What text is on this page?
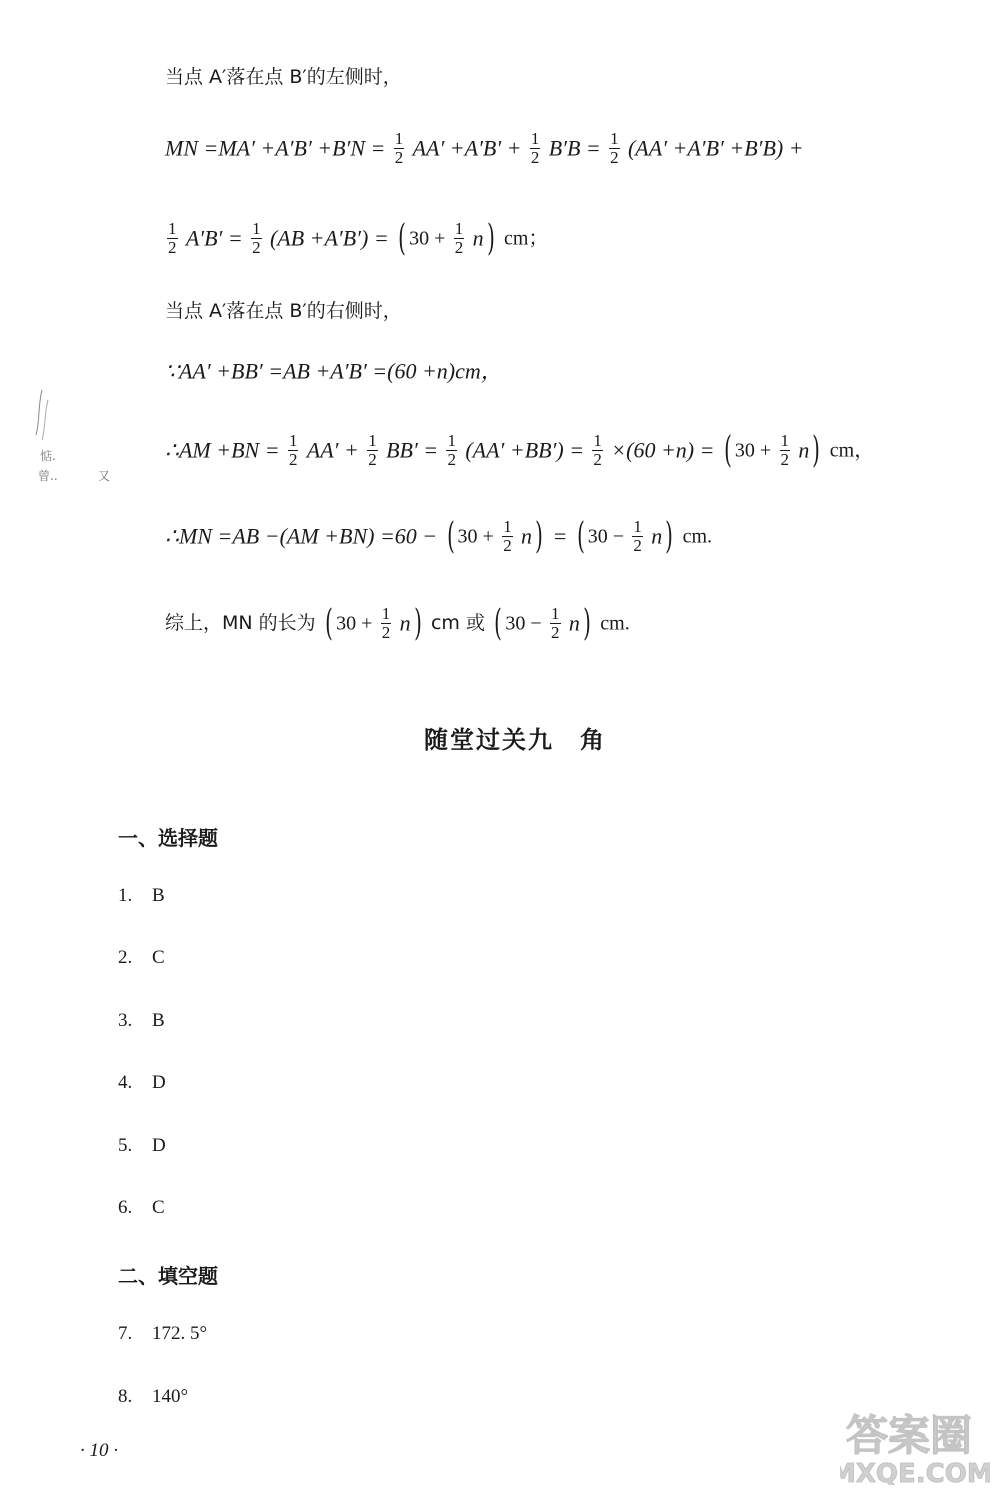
当点 A′落在点 B′的左侧时，
MN $=MA' +A'B' +B'N = \frac{1}{2} AA' +A'B' + \frac{1}{2} B'B = \frac{1}{2} (AA' +A'B' +B'B)$ +
$\frac{1}{2} A'B' = \frac{1}{2} (AB +A'B')$ = ( $30 + \frac{1}{2} n$) cm；
当点 A′落在点 B′的右侧时，
∵AA′ +BB′ =AB +A′B′ =(60 +n)cm，
∴AM $+BN = \frac{1}{2} AA' + \frac{1}{2} BB' = \frac{1}{2} (AA' +BB') = \frac{1}{2} \times(60 +n)$ = ( $30 + \frac{1}{2} n$) cm，
∴MN =AB −(AM +BN) =60 − ( $30 + \frac{1}{2} n$) = ( $30 - \frac{1}{2} n$) cm.
综上，MN 的长为 ( $30 + \frac{1}{2} n$) cm 或 ( $30 - \frac{1}{2} n$) cm.
随堂过关九　角
一、选择题
1. B
2. C
3. B
4. D
5. D
6. C
二、填空题
7. 172. 5°
8. 140°
· 10 ·
惦.
曾..	又
答案圈
MXQE.COM
